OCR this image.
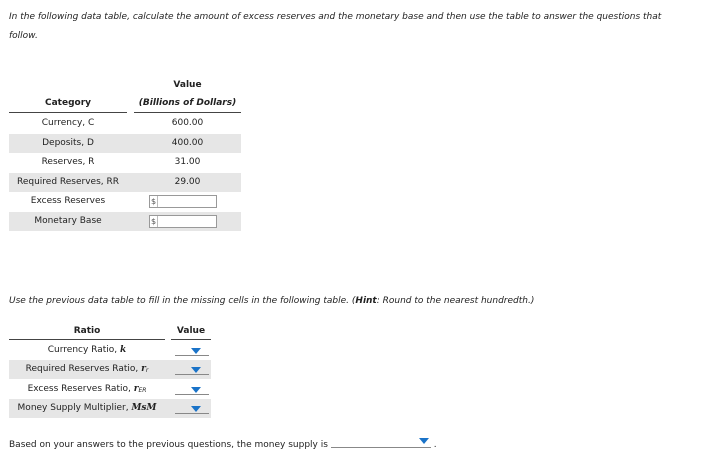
In the following data table, calculate the amount of excess reserves and the monetary base and then use the table to answer the questions that follow.
Value
Category	(Billions of Dollars)
Currency, C	600.00
Deposits, D	400.00
Reserves, R	31.00
Required Reserves, RR	29.00
Excess Reserves	$
Monetary Base	$
Use the previous data table to fill in the missing cells in the following table. (Hint: Round to the nearest hundredth.)
Ratio	Value
Currency Ratio, k
Required Reserves Ratio, rr
Excess Reserves Ratio, rER
Money Supply Multiplier, MsM
Based on your answers to the previous questions, the money supply is	.
